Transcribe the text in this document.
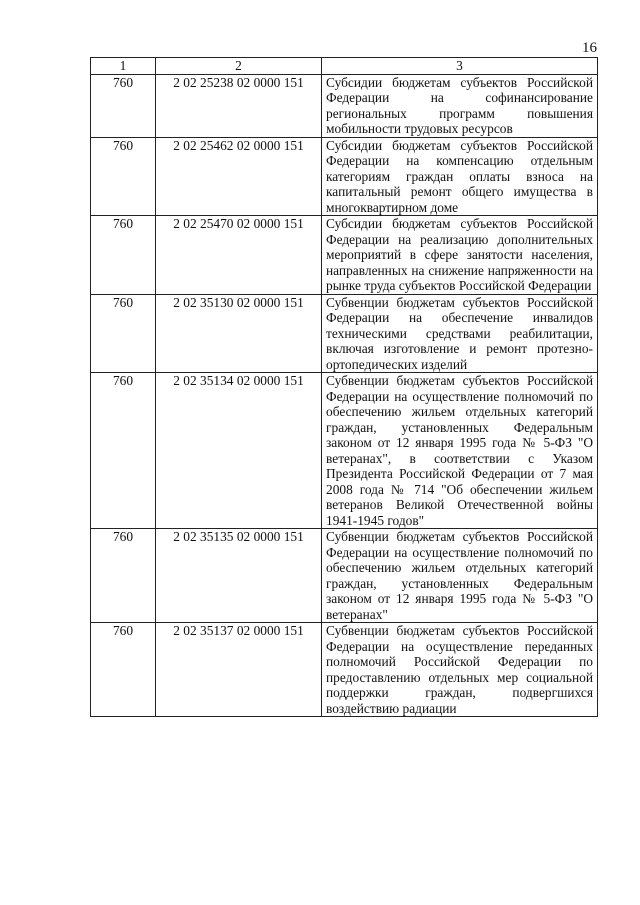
16
1	2	3
760	2 02 25238 02 0000 151	Субсидии бюджетам субъектов Российской Федерации на софинансирование региональных программ повышения мобильности трудовых ресурсов
760	2 02 25462 02 0000 151	Субсидии бюджетам субъектов Российской Федерации на компенсацию отдельным категориям граждан оплаты взноса на капитальный ремонт общего имущества в многоквартирном доме
760	2 02 25470 02 0000 151	Субсидии бюджетам субъектов Российской Федерации на реализацию дополнительных мероприятий в сфере занятости населения, направленных на снижение напряженности на рынке труда субъектов Российской Федерации
760	2 02 35130 02 0000 151	Субвенции бюджетам субъектов Российской Федерации на обеспечение инвалидов техническими средствами реабилитации, включая изготовление и ремонт протезно-ортопедических изделий
760	2 02 35134 02 0000 151	Субвенции бюджетам субъектов Российской Федерации на осуществление полномочий по обеспечению жильем отдельных категорий граждан, установленных Федеральным законом от 12 января 1995 года № 5-ФЗ "О ветеранах", в соответствии с Указом Президента Российской Федерации от 7 мая 2008 года № 714 "Об обеспечении жильем ветеранов Великой Отечественной войны 1941-1945 годов"
760	2 02 35135 02 0000 151	Субвенции бюджетам субъектов Российской Федерации на осуществление полномочий по обеспечению жильем отдельных категорий граждан, установленных Федеральным законом от 12 января 1995 года № 5-ФЗ "О ветеранах"
760	2 02 35137 02 0000 151	Субвенции бюджетам субъектов Российской Федерации на осуществление переданных полномочий Российской Федерации по предоставлению отдельных мер социальной поддержки граждан, подвергшихся воздействию радиации
